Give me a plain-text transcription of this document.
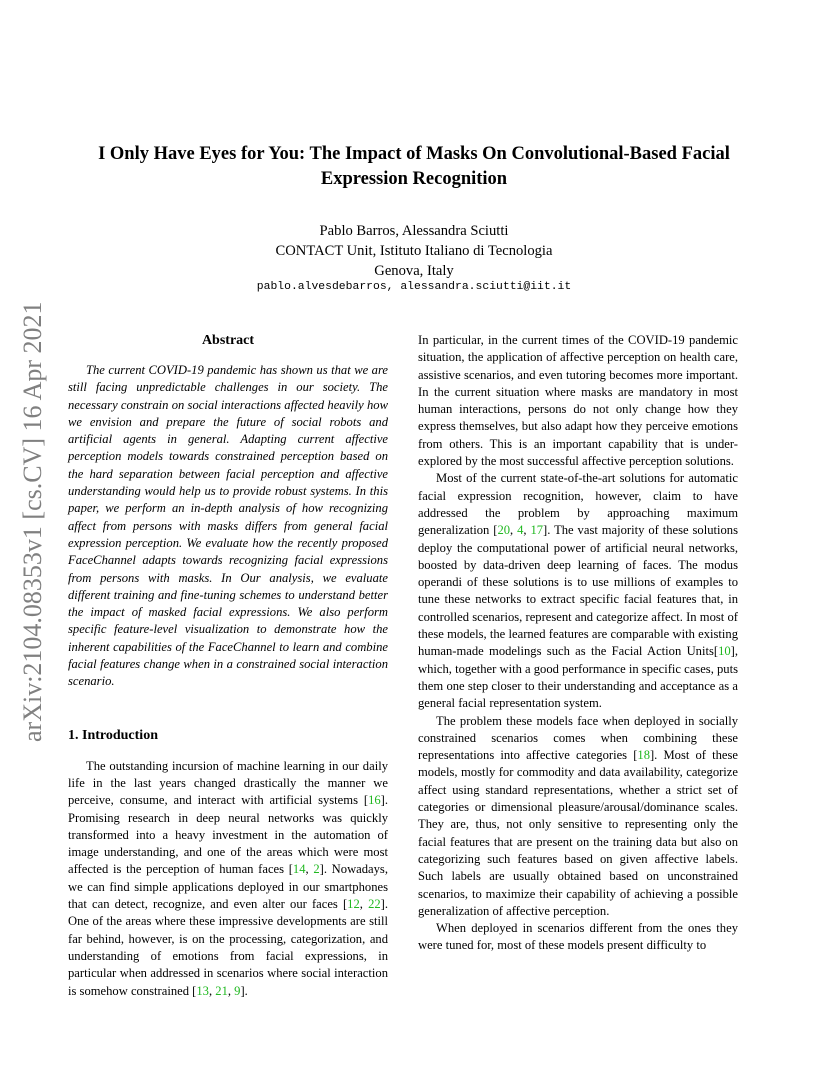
arXiv:2104.08353v1 [cs.CV] 16 Apr 2021
I Only Have Eyes for You: The Impact of Masks On Convolutional-Based Facial Expression Recognition
Pablo Barros, Alessandra Sciutti
CONTACT Unit, Istituto Italiano di Tecnologia
Genova, Italy
pablo.alvesdebarros, alessandra.sciutti@iit.it
Abstract

The current COVID-19 pandemic has shown us that we are still facing unpredictable challenges in our society. The necessary constrain on social interactions affected heavily how we envision and prepare the future of social robots and artificial agents in general. Adapting current affective perception models towards constrained perception based on the hard separation between facial perception and affective understanding would help us to provide robust systems. In this paper, we perform an in-depth analysis of how recognizing affect from persons with masks differs from general facial expression perception. We evaluate how the recently proposed FaceChannel adapts towards recognizing facial expressions from persons with masks. In Our analysis, we evaluate different training and fine-tuning schemes to understand better the impact of masked facial expressions. We also perform specific feature-level visualization to demonstrate how the inherent capabilities of the FaceChannel to learn and combine facial features change when in a constrained social interaction scenario.

1. Introduction

The outstanding incursion of machine learning in our daily life in the last years changed drastically the manner we perceive, consume, and interact with artificial systems [16]. Promising research in deep neural networks was quickly transformed into a heavy investment in the automation of image understanding, and one of the areas which were most affected is the perception of human faces [14, 2]. Nowadays, we can find simple applications deployed in our smartphones that can detect, recognize, and even alter our faces [12, 22]. One of the areas where these impressive developments are still far behind, however, is on the processing, categorization, and understanding of emotions from facial expressions, in particular when addressed in scenarios where social interaction is somehow constrained [13, 21, 9].

In particular, in the current times of the COVID-19 pandemic situation, the application of affective perception on health care, assistive scenarios, and even tutoring becomes more important. In the current situation where masks are mandatory in most human interactions, persons do not only change how they express themselves, but also adapt how they perceive emotions from others. This is an important capability that is under-explored by the most successful affective perception solutions.

Most of the current state-of-the-art solutions for automatic facial expression recognition, however, claim to have addressed the problem by approaching maximum generalization [20, 4, 17]. The vast majority of these solutions deploy the computational power of artificial neural networks, boosted by data-driven deep learning of faces. The modus operandi of these solutions is to use millions of examples to tune these networks to extract specific facial features that, in controlled scenarios, represent and categorize affect. In most of these models, the learned features are comparable with existing human-made modelings such as the Facial Action Units[10], which, together with a good performance in specific cases, puts them one step closer to their understanding and acceptance as a general facial representation system.

The problem these models face when deployed in socially constrained scenarios comes when combining these representations into affective categories [18]. Most of these models, mostly for commodity and data availability, categorize affect using standard representations, whether a strict set of categories or dimensional pleasure/arousal/dominance scales. They are, thus, not only sensitive to representing only the facial features that are present on the training data but also on categorizing such features based on given affective labels. Such labels are usually obtained based on unconstrained scenarios, to maximize their capability of achieving a possible generalization of affective perception.

When deployed in scenarios different from the ones they were tuned for, most of these models present difficulty to
